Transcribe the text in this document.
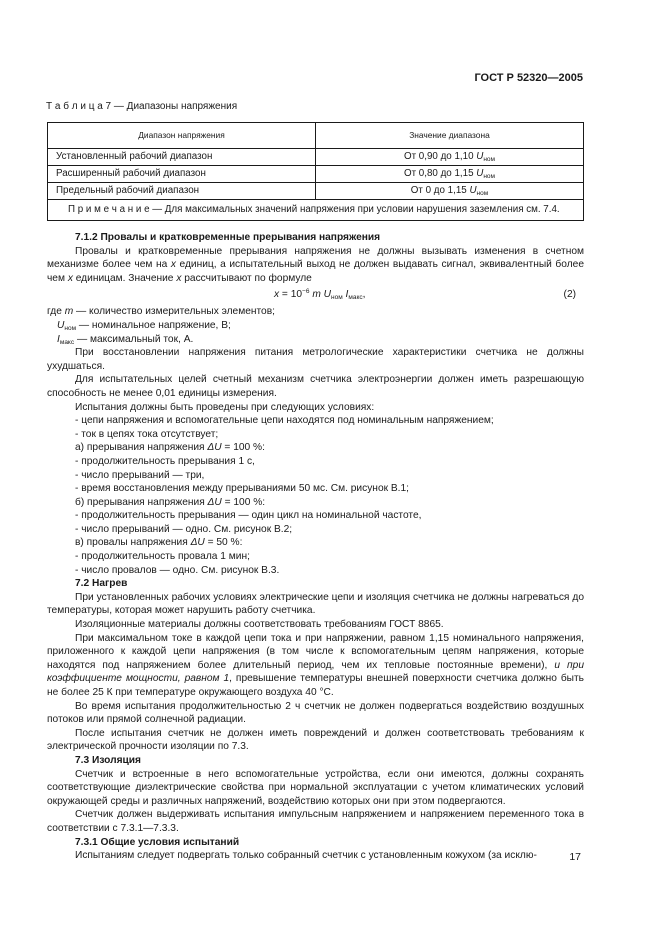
ГОСТ Р 52320—2005
Т а б л и ц а 7 — Диапазоны напряжения
Диапазон напряжения	Значение диапазона
Установленный рабочий диапазон	От 0,90 до 1,10 $U_{ном}$
Расширенный рабочий диапазон	От 0,80 до 1,15 $U_{ном}$
Предельный рабочий диапазон	От 0 до 1,15 $U_{ном}$
П р и м е ч а н и е — Для максимальных значений напряжения при условии нарушения заземления см. 7.4.	

7.1.2 Провалы и кратковременные прерывания напряжения

Провалы и кратковременные прерывания напряжения не должны вызывать изменения в счетном механизме более чем на x единиц, а испытательный выход не должен выдавать сигнал, эквивалентный более чем x единицам. Значение x рассчитывают по формуле

$x = 10^{-6}$ m $U_{ном}$ $I_{макс}$,	(2)

где m — количество измерительных элементов;

$U_{ном}$ — номинальное напряжение, В;

$I_{макс}$ — максимальный ток, А.

При восстановлении напряжения питания метрологические характеристики счетчика не должны ухудшаться.

Для испытательных целей счетный механизм счетчика электроэнергии должен иметь разрешающую способность не менее 0,01 единицы измерения.

Испытания должны быть проведены при следующих условиях:

- цепи напряжения и вспомогательные цепи находятся под номинальным напряжением;

- ток в цепях тока отсутствует;

а) прерывания напряжения ΔU = 100 %:

- продолжительность прерывания 1 с,

- число прерываний — три,

- время восстановления между прерываниями 50 мс. См. рисунок В.1;

б) прерывания напряжения ΔU = 100 %:

- продолжительность прерывания — один цикл на номинальной частоте,

- число прерываний — одно. См. рисунок В.2;

в) провалы напряжения ΔU = 50 %:

- продолжительность провала 1 мин;

- число провалов — одно. См. рисунок В.3.

7.2 Нагрев

При установленных рабочих условиях электрические цепи и изоляция счетчика не должны нагреваться до температуры, которая может нарушить работу счетчика.

Изоляционные материалы должны соответствовать требованиям ГОСТ 8865.

При максимальном токе в каждой цепи тока и при напряжении, равном 1,15 номинального напряжения, приложенного к каждой цепи напряжения (в том числе к вспомогательным цепям напряжения, которые находятся под напряжением более длительный период, чем их тепловые постоянные времени), и при коэффициенте мощности, равном 1, превышение температуры внешней поверхности счетчика должно быть не более 25 К при температуре окружающего воздуха 40 °С.

Во время испытания продолжительностью 2 ч счетчик не должен подвергаться воздействию воздушных потоков или прямой солнечной радиации.

После испытания счетчик не должен иметь повреждений и должен соответствовать требованиям к электрической прочности изоляции по 7.3.

7.3 Изоляция

Счетчик и встроенные в него вспомогательные устройства, если они имеются, должны сохранять соответствующие диэлектрические свойства при нормальной эксплуатации с учетом климатических условий окружающей среды и различных напряжений, воздействию которых они при этом подвергаются.

Счетчик должен выдерживать испытания импульсным напряжением и напряжением переменного тока в соответствии с 7.3.1—7.3.3.

7.3.1 Общие условия испытаний

Испытаниям следует подвергать только собранный счетчик с установленным кожухом (за исклю-	17
